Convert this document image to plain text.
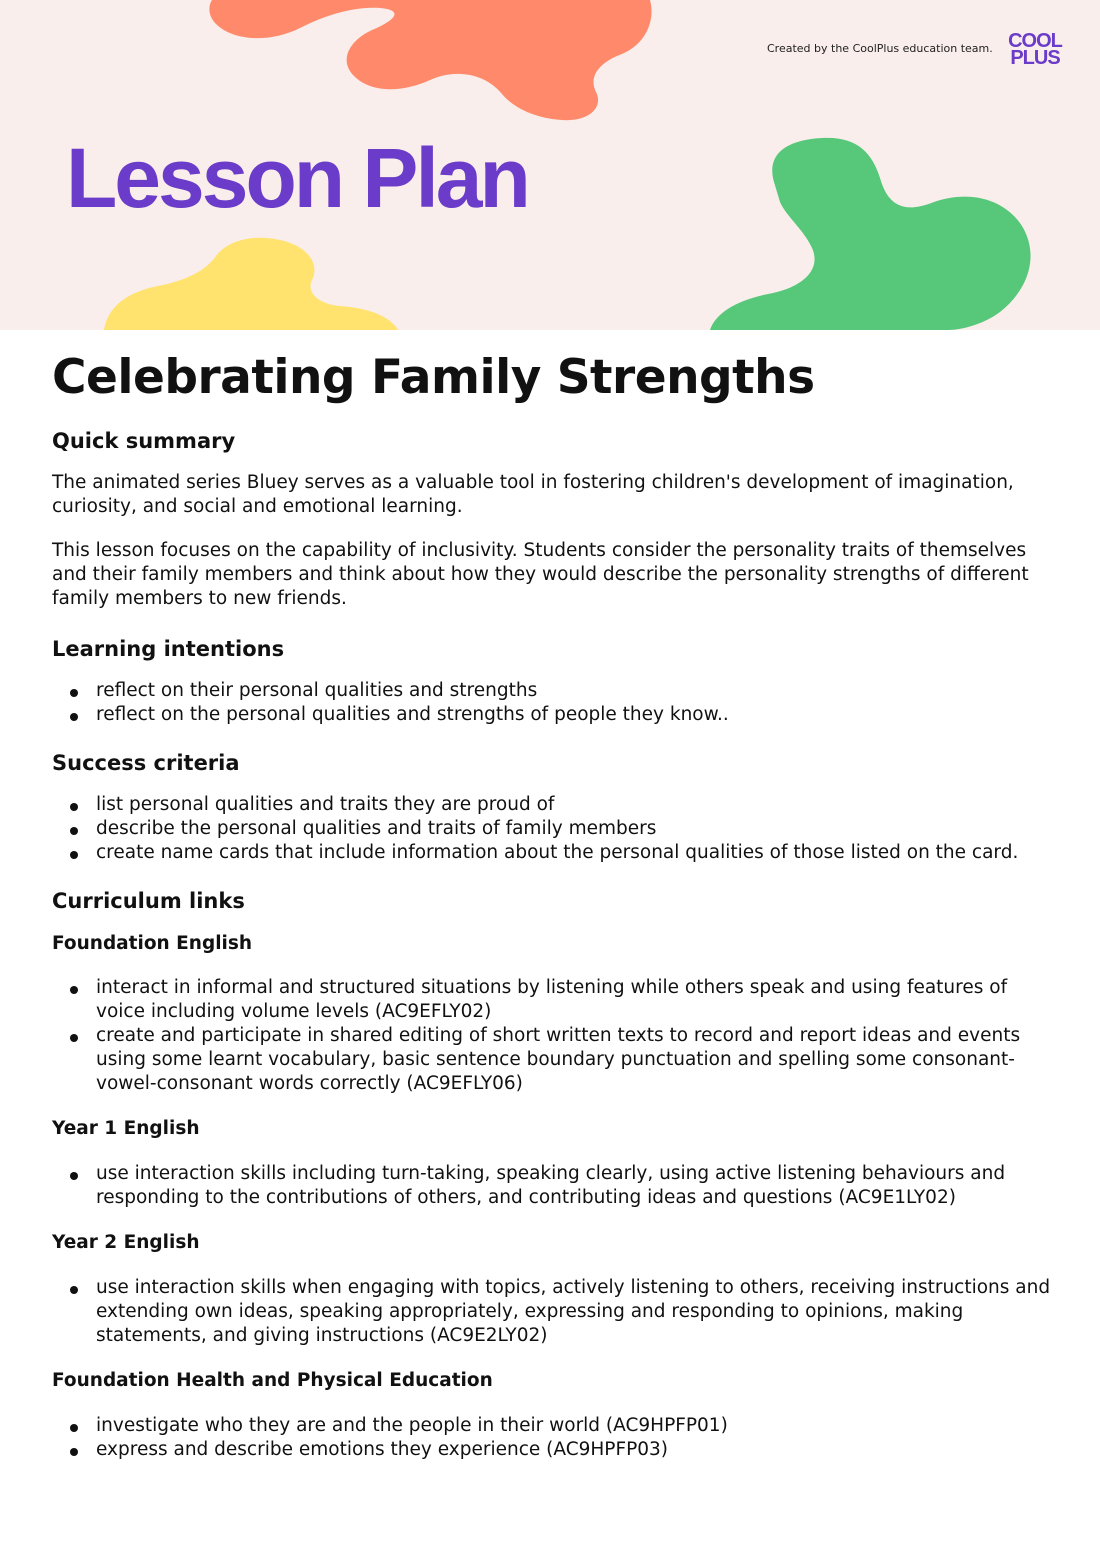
Created by the CoolPlus education team. COOL
PLUS
Lesson Plan
Celebrating Family Strengths
Quick summary

The animated series Bluey serves as a valuable tool in fostering children's development of imagination, curiosity, and social and emotional learning.

This lesson focuses on the capability of inclusivity. Students consider the personality traits of themselves and their family members and think about how they would describe the personality strengths of different family members to new friends.

Learning intentions
reflect on their personal qualities and strengths
reflect on the personal qualities and strengths of people they know..
Success criteria
list personal qualities and traits they are proud of
describe the personal qualities and traits of family members
create name cards that include information about the personal qualities of those listed on the card.
Curriculum links
Foundation English
interact in informal and structured situations by listening while others speak and using features of voice including volume levels (AC9EFLY02)
create and participate in shared editing of short written texts to record and report ideas and events using some learnt vocabulary, basic sentence boundary punctuation and spelling some consonant-vowel-consonant words correctly (AC9EFLY06)
Year 1 English
use interaction skills including turn-taking, speaking clearly, using active listening behaviours and responding to the contributions of others, and contributing ideas and questions (AC9E1LY02)
Year 2 English
use interaction skills when engaging with topics, actively listening to others, receiving instructions and extending own ideas, speaking appropriately, expressing and responding to opinions, making statements, and giving instructions (AC9E2LY02)
Foundation Health and Physical Education
investigate who they are and the people in their world (AC9HPFP01)
express and describe emotions they experience (AC9HPFP03)
